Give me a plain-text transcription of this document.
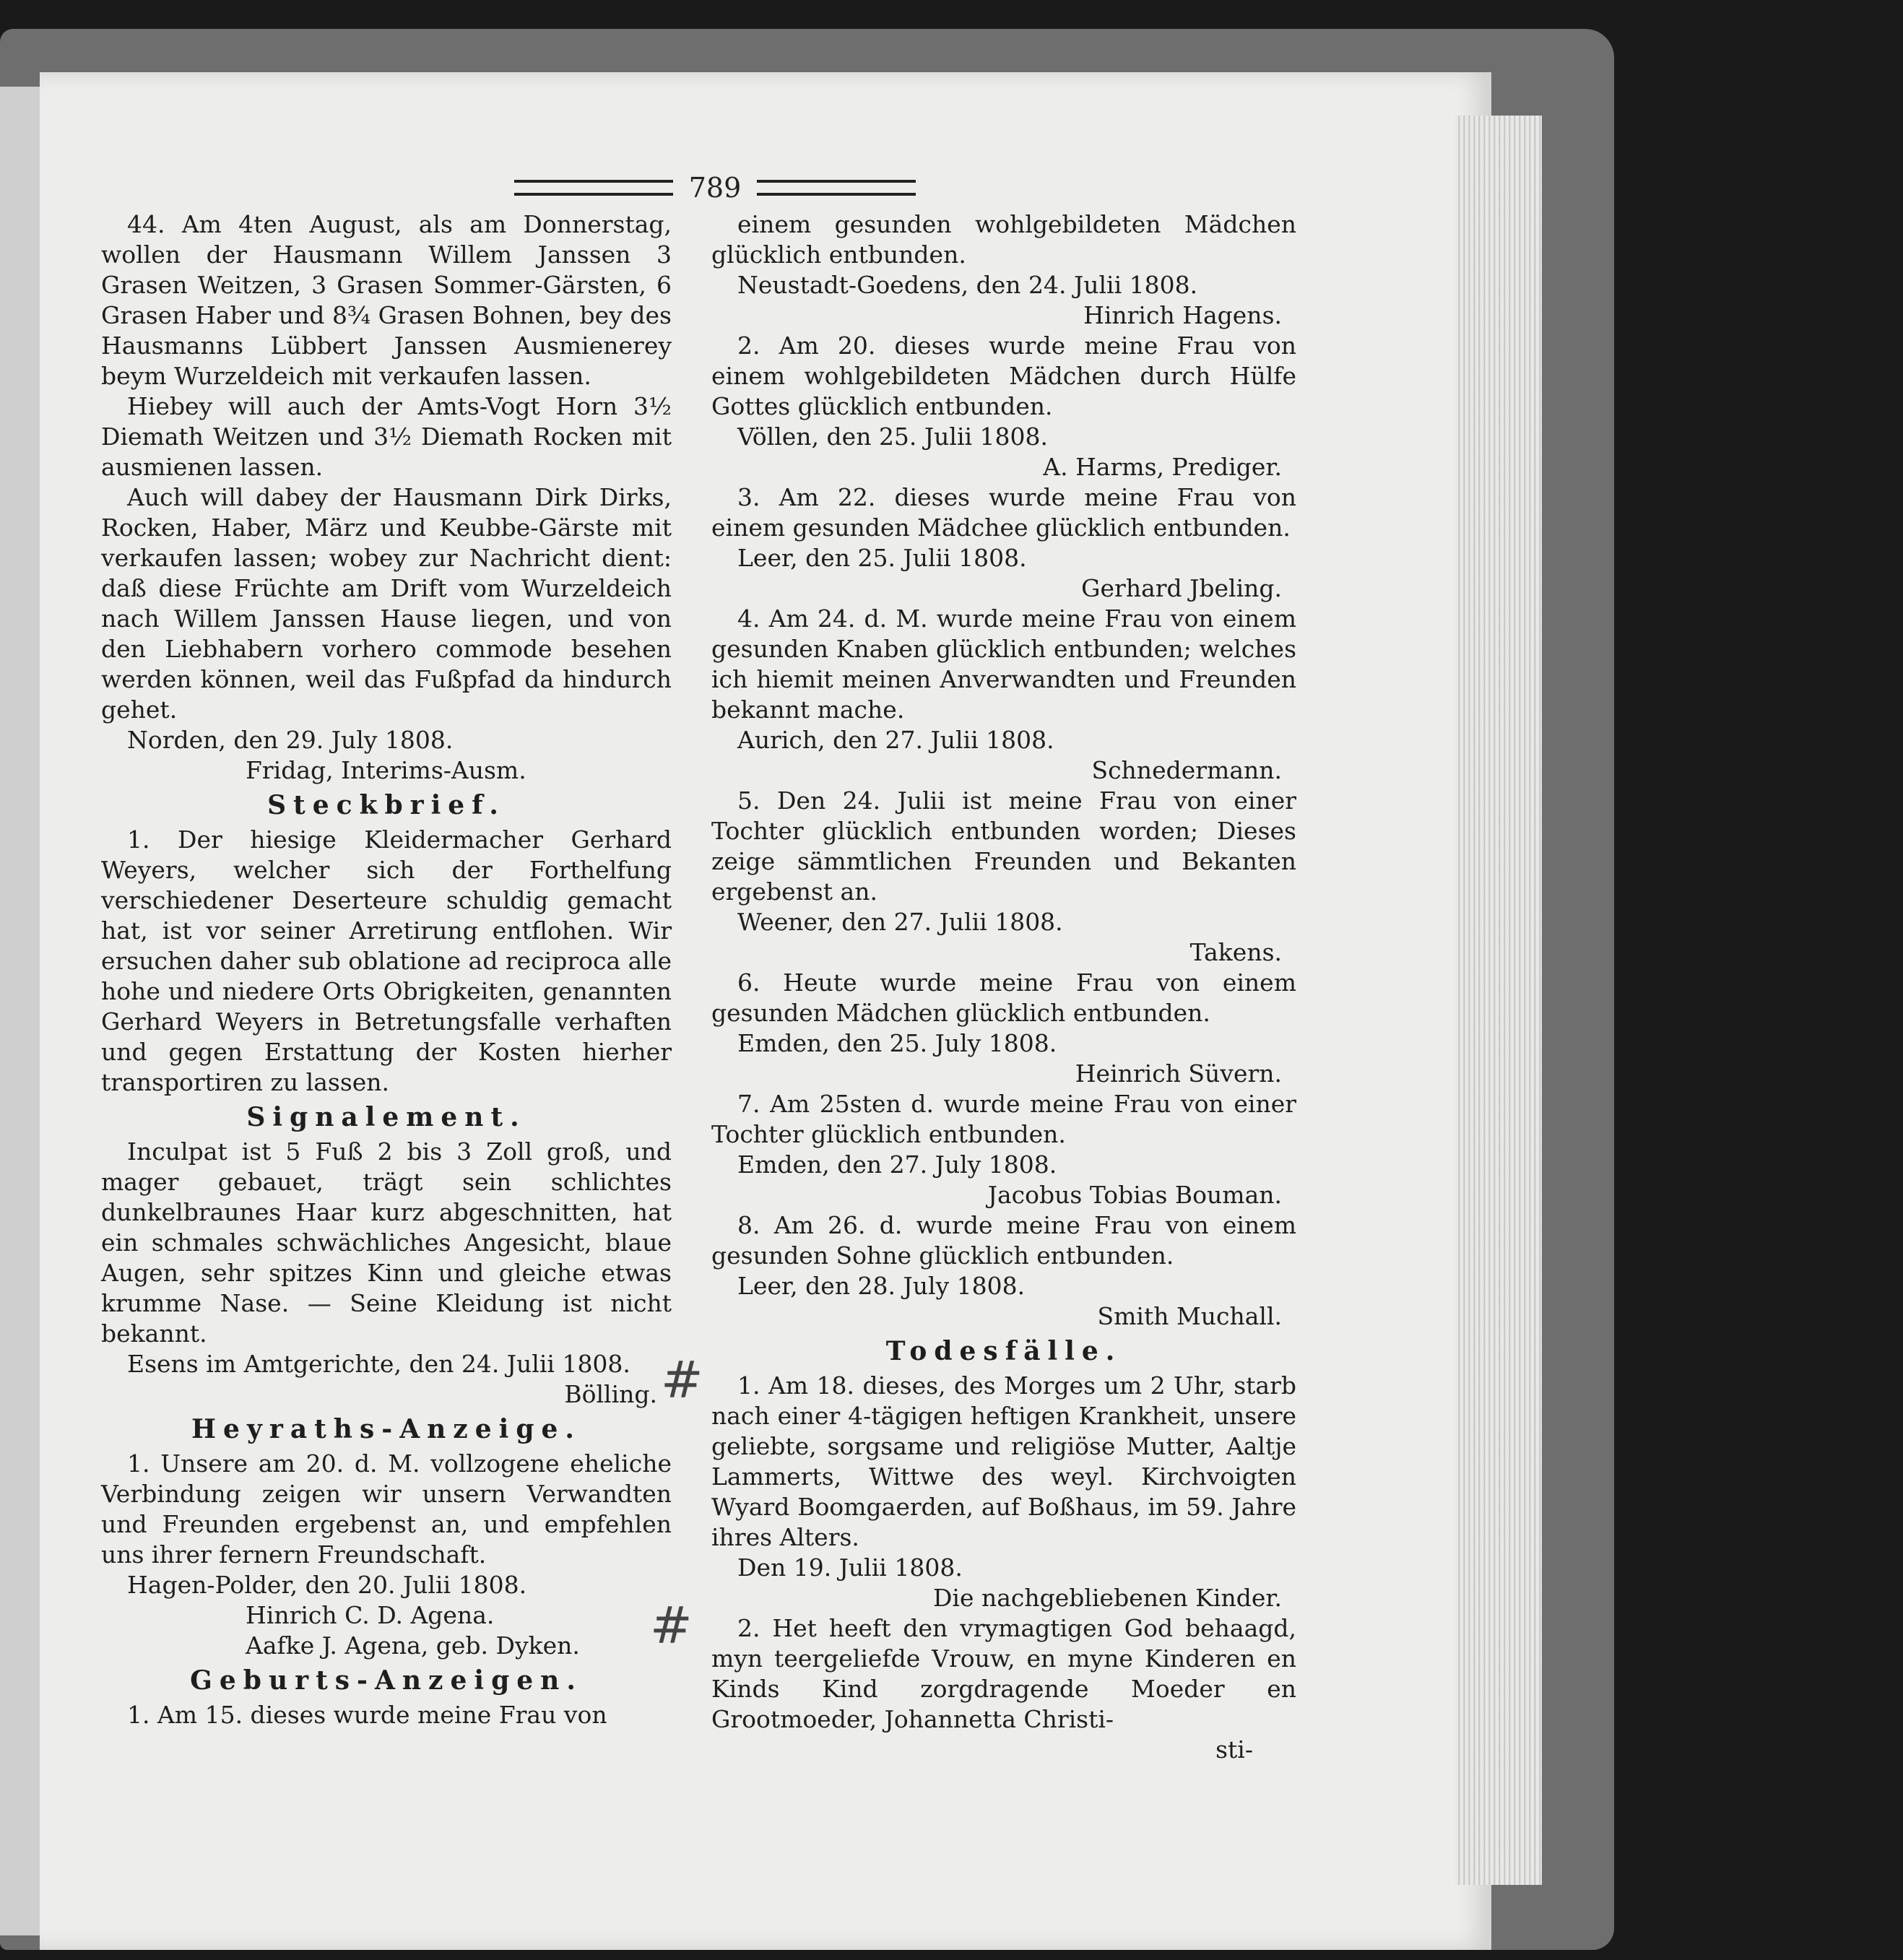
789

44. Am 4ten August, als am Donnerstag, wollen der Hausmann Willem Janssen 3 Grasen Weitzen, 3 Grasen Sommer-Gärsten, 6 Grasen Haber und 8¾ Grasen Bohnen, bey des Hausmanns Lübbert Janssen Ausmienerey beym Wurzeldeich mit verkaufen lassen.

Hiebey will auch der Amts-Vogt Horn 3½ Diemath Weitzen und 3½ Diemath Rocken mit ausmienen lassen.

Auch will dabey der Hausmann Dirk Dirks, Rocken, Haber, März und Keubbe-Gärste mit verkaufen lassen; wobey zur Nachricht dient: daß diese Früchte am Drift vom Wurzeldeich nach Willem Janssen Hause liegen, und von den Liebhabern vorhero commode besehen werden können, weil das Fußpfad da hindurch gehet.

Norden, den 29. July 1808.

Fridag, Interims-Ausm.

Steckbrief.

1. Der hiesige Kleidermacher Gerhard Weyers, welcher sich der Forthelfung verschiedener Deserteure schuldig gemacht hat, ist vor seiner Arretirung entflohen. Wir ersuchen daher sub oblatione ad reciproca alle hohe und niedere Orts Obrigkeiten, genannten Gerhard Weyers in Betretungsfalle verhaften und gegen Erstattung der Kosten hierher transportiren zu lassen.

Signalement.

Inculpat ist 5 Fuß 2 bis 3 Zoll groß, und mager gebauet, trägt sein schlichtes dunkelbraunes Haar kurz abgeschnitten, hat ein schmales schwächliches Angesicht, blaue Augen, sehr spitzes Kinn und gleiche etwas krumme Nase. — Seine Kleidung ist nicht bekannt.

Esens im Amtgerichte, den 24. Julii 1808.

Bölling.

Heyraths-Anzeige.

1. Unsere am 20. d. M. vollzogene eheliche Verbindung zeigen wir unsern Verwandten und Freunden ergebenst an, und empfehlen uns ihrer fernern Freundschaft.

Hagen-Polder, den 20. Julii 1808.

Hinrich C. D. Agena.

Aafke J. Agena, geb. Dyken.

Geburts-Anzeigen.

1. Am 15. dieses wurde meine Frau von

einem gesunden wohlgebildeten Mädchen glücklich entbunden.

Neustadt-Goedens, den 24. Julii 1808.

Hinrich Hagens.

2. Am 20. dieses wurde meine Frau von einem wohlgebildeten Mädchen durch Hülfe Gottes glücklich entbunden.

Völlen, den 25. Julii 1808.

A. Harms, Prediger.

3. Am 22. dieses wurde meine Frau von einem gesunden Mädchee glücklich entbunden.

Leer, den 25. Julii 1808.

Gerhard Jbeling.

4. Am 24. d. M. wurde meine Frau von einem gesunden Knaben glücklich entbunden; welches ich hiemit meinen Anverwandten und Freunden bekannt mache.

Aurich, den 27. Julii 1808.

Schnedermann.

5. Den 24. Julii ist meine Frau von einer Tochter glücklich entbunden worden; Dieses zeige sämmtlichen Freunden und Bekanten ergebenst an.

Weener, den 27. Julii 1808.

Takens.

6. Heute wurde meine Frau von einem gesunden Mädchen glücklich entbunden.

Emden, den 25. July 1808.

Heinrich Süvern.

7. Am 25sten d. wurde meine Frau von einer Tochter glücklich entbunden.

Emden, den 27. July 1808.

Jacobus Tobias Bouman.

8. Am 26. d. wurde meine Frau von einem gesunden Sohne glücklich entbunden.

Leer, den 28. July 1808.

Smith Muchall.

Todesfälle.

1. Am 18. dieses, des Morges um 2 Uhr, starb nach einer 4-tägigen heftigen Krankheit, unsere geliebte, sorgsame und religiöse Mutter, Aaltje Lammerts, Wittwe des weyl. Kirchvoigten Wyard Boomgaerden, auf Boßhaus, im 59. Jahre ihres Alters.

Den 19. Julii 1808.

Die nachgebliebenen Kinder.

2. Het heeft den vrymagtigen God behaagd, myn teergeliefde Vrouw, en myne Kinderen en Kinds Kind zorgdragende Moeder en Grootmoeder, Johannetta Christi-

sti-

#
#
